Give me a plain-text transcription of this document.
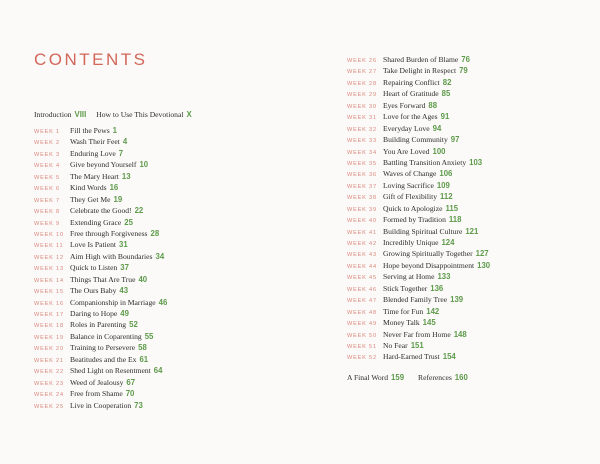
CONTENTS
Introduction VIII How to Use This Devotional X
WEEK 1 Fill the Pews 1
WEEK 2 Wash Their Feet 4
WEEK 3 Enduring Love 7
WEEK 4 Give beyond Yourself 10
WEEK 5 The Mary Heart 13
WEEK 6 Kind Words 16
WEEK 7 They Get Me 19
WEEK 8 Celebrate the Good! 22
WEEK 9 Extending Grace 25
WEEK 10 Free through Forgiveness 28
WEEK 11 Love Is Patient 31
WEEK 12 Aim High with Boundaries 34
WEEK 13 Quick to Listen 37
WEEK 14 Things That Are True 40
WEEK 15 The Ours Baby 43
WEEK 16 Companionship in Marriage 46
WEEK 17 Daring to Hope 49
WEEK 18 Roles in Parenting 52
WEEK 19 Balance in Coparenting 55
WEEK 20 Training to Persevere 58
WEEK 21 Beatitudes and the Ex 61
WEEK 22 Shed Light on Resentment 64
WEEK 23 Weed of Jealousy 67
WEEK 24 Free from Shame 70
WEEK 25 Live in Cooperation 73
WEEK 26 Shared Burden of Blame 76
WEEK 27 Take Delight in Respect 79
WEEK 28 Repairing Conflict 82
WEEK 29 Heart of Gratitude 85
WEEK 30 Eyes Forward 88
WEEK 31 Love for the Ages 91
WEEK 32 Everyday Love 94
WEEK 33 Building Community 97
WEEK 34 You Are Loved 100
WEEK 35 Battling Transition Anxiety 103
WEEK 36 Waves of Change 106
WEEK 37 Loving Sacrifice 109
WEEK 38 Gift of Flexibility 112
WEEK 39 Quick to Apologize 115
WEEK 40 Formed by Tradition 118
WEEK 41 Building Spiritual Culture 121
WEEK 42 Incredibly Unique 124
WEEK 43 Growing Spiritually Together 127
WEEK 44 Hope beyond Disappointment 130
WEEK 45 Serving at Home 133
WEEK 46 Stick Together 136
WEEK 47 Blended Family Tree 139
WEEK 48 Time for Fun 142
WEEK 49 Money Talk 145
WEEK 50 Never Far from Home 148
WEEK 51 No Fear 151
WEEK 52 Hard-Earned Trust 154
A Final Word 159 References 160
